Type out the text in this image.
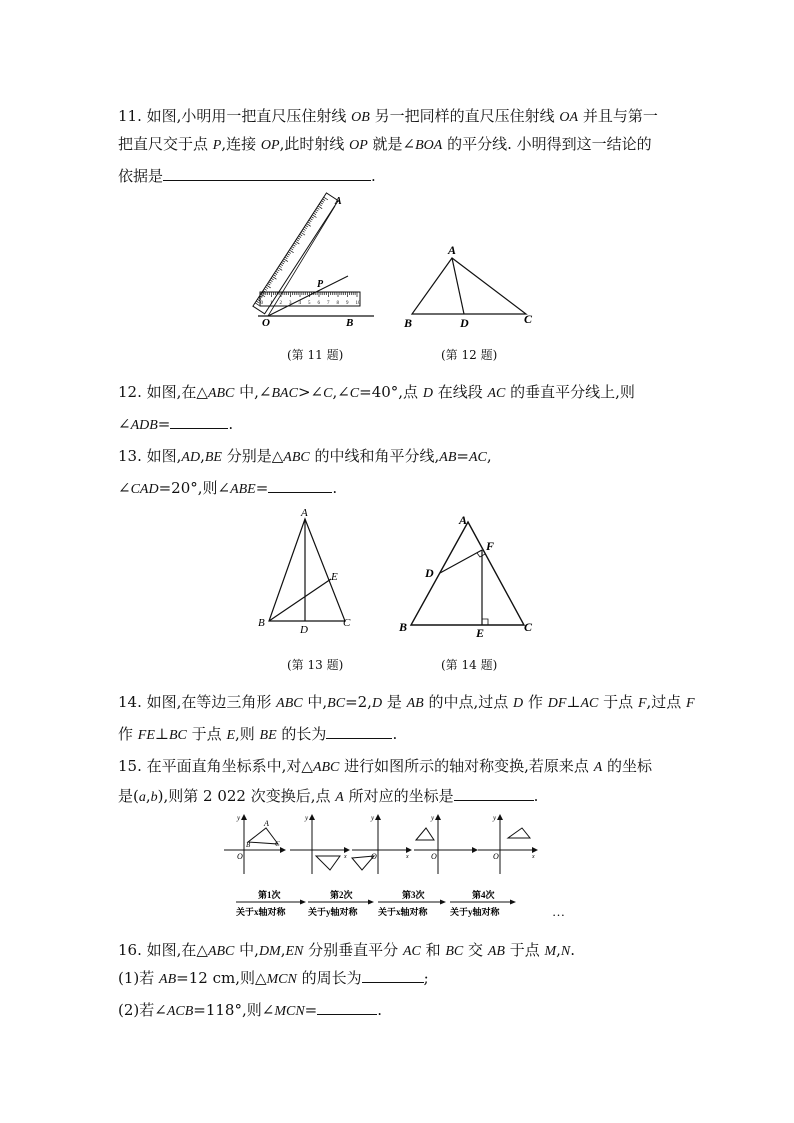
11. 如图,小明用一把直尺压住射线 OB 另一把同样的直尺压住射线 OA 并且与第一
把直尺交于点 P,连接 OP,此时射线 OP 就是∠BOA 的平分线. 小明得到这一结论的
依据是	.
0 1 2 3 4 5 6 7 8 9 10
O	B
A
P
(第 11 题)
A
B	D	C
(第 12 题)
12. 如图,在△ABC 中,∠BAC>∠C,∠C=40°,点 D 在线段 AC 的垂直平分线上,则
∠ADB=	.
13. 如图,AD,BE 分别是△ABC 的中线和角平分线,AB=AC,
∠CAD=20°,则∠ABE=	.
A
B
D
C
E
(第 13 题)
A
B	C
D
E
F
(第 14 题)
14. 如图,在等边三角形 ABC 中,BC=2,D 是 AB 的中点,过点 D 作 DF⊥AC 于点 F,过点 F
作 FE⊥BC 于点 E,则 BE 的长为	.
15. 在平面直角坐标系中,对△ABC 进行如图所示的轴对称变换,若原来点 A 的坐标
是(a,b),则第 2 022 次变换后,点 A 所对应的坐标是	.
y
O
A
B	C
y
x
y
O	x
y
O
y
O	x
第1次
关于x轴对称
第2次
关于y轴对称
第3次
关于x轴对称
第4次
关于y轴对称	…
16. 如图,在△ABC 中,DM,EN 分别垂直平分 AC 和 BC 交 AB 于点 M,N.
(1)若 AB=12 cm,则△MCN 的周长为	;
(2)若∠ACB=118°,则∠MCN=	.
